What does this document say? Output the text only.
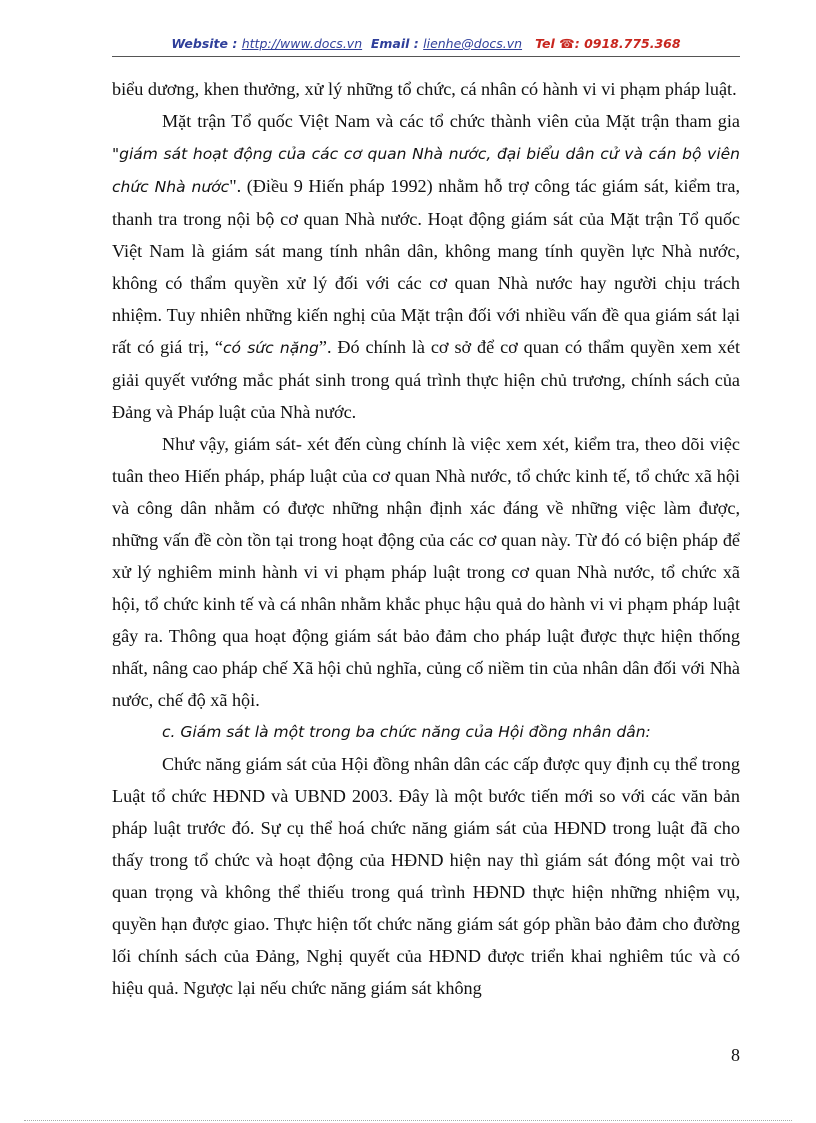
Website : http://www.docs.vn Email : lienhe@docs.vn Tel ☎: 0918.775.368

biểu dương, khen thưởng, xử lý những tổ chức, cá nhân có hành vi vi phạm pháp luật.

Mặt trận Tổ quốc Việt Nam và các tổ chức thành viên của Mặt trận tham gia "giám sát hoạt động của các cơ quan Nhà nước, đại biểu dân cử và cán bộ viên chức Nhà nước". (Điều 9 Hiến pháp 1992) nhằm hỗ trợ công tác giám sát, kiểm tra, thanh tra trong nội bộ cơ quan Nhà nước. Hoạt động giám sát của Mặt trận Tổ quốc Việt Nam là giám sát mang tính nhân dân, không mang tính quyền lực Nhà nước, không có thẩm quyền xử lý đối với các cơ quan Nhà nước hay người chịu trách nhiệm. Tuy nhiên những kiến nghị của Mặt trận đối với nhiều vấn đề qua giám sát lại rất có giá trị, “có sức nặng”. Đó chính là cơ sở để cơ quan có thẩm quyền xem xét giải quyết vướng mắc phát sinh trong quá trình thực hiện chủ trương, chính sách của Đảng và Pháp luật của Nhà nước.

Như vậy, giám sát- xét đến cùng chính là việc xem xét, kiểm tra, theo dõi việc tuân theo Hiến pháp, pháp luật của cơ quan Nhà nước, tổ chức kinh tế, tổ chức xã hội và công dân nhằm có được những nhận định xác đáng về những việc làm được, những vấn đề còn tồn tại trong hoạt động của các cơ quan này. Từ đó có biện pháp để xử lý nghiêm minh hành vi vi phạm pháp luật trong cơ quan Nhà nước, tổ chức xã hội, tổ chức kinh tế và cá nhân nhằm khắc phục hậu quả do hành vi vi phạm pháp luật gây ra. Thông qua hoạt động giám sát bảo đảm cho pháp luật được thực hiện thống nhất, nâng cao pháp chế Xã hội chủ nghĩa, củng cố niềm tin của nhân dân đối với Nhà nước, chế độ xã hội.

c. Giám sát là một trong ba chức năng của Hội đồng nhân dân:

Chức năng giám sát của Hội đồng nhân dân các cấp được quy định cụ thể trong Luật tổ chức HĐND và UBND 2003. Đây là một bước tiến mới so với các văn bản pháp luật trước đó. Sự cụ thể hoá chức năng giám sát của HĐND trong luật đã cho thấy trong tổ chức và hoạt động của HĐND hiện nay thì giám sát đóng một vai trò quan trọng và không thể thiếu trong quá trình HĐND thực hiện những nhiệm vụ, quyền hạn được giao. Thực hiện tốt chức năng giám sát góp phần bảo đảm cho đường lối chính sách của Đảng, Nghị quyết của HĐND được triển khai nghiêm túc và có hiệu quả. Ngược lại nếu chức năng giám sát không

8
